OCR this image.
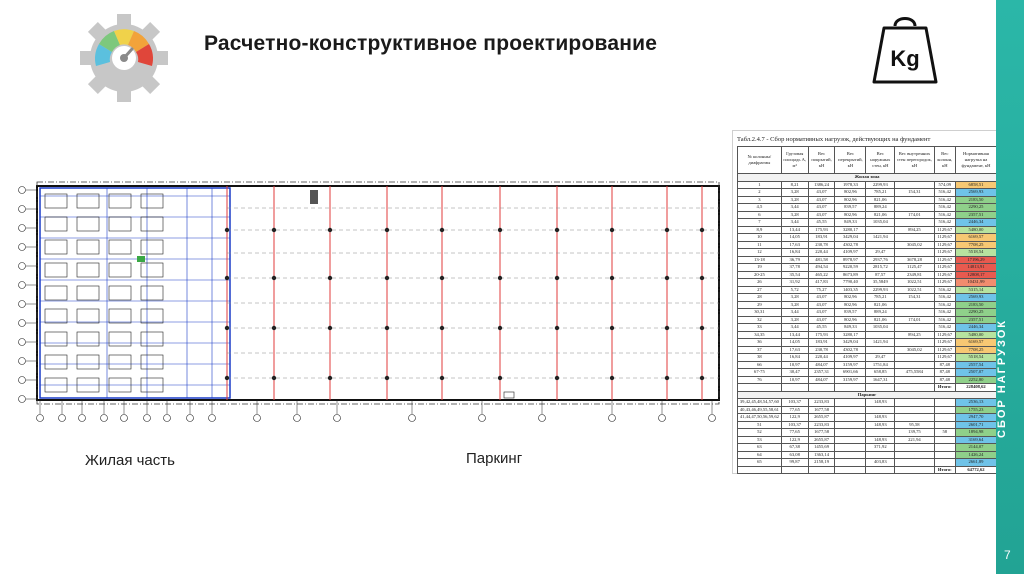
Расчетно-конструктивное проектирование
Kg
Жилая часть	Паркинг
Табл.2.4.7 - Сбор нормативных нагрузок, действующих на фундамент
№ колонны/ диафрагмы	Грузовая площадь А, м²	Вес покрытий, кН	Вес перекрытий, кН	Вес наружных стен, кН	Вес внутренних стен перегородок, кН	Вес колонн, кН	Нормативная нагрузка на фундамент, кН
Жилая зона							
1	8,21	1386,24	1978,33	2299,93		574,09	6858,51
2	3,28	43,07	802,96	785,21	154,31	516,42	2569,93
3	3,28	43,07	802,96	821,06		516,42	2183,50
4,5	3,44	43,07	839,57	889,24		516,42	2290,25
6	3,28	43,07	802,96	821,06	174,01	516,42	2357,51
7	3,44	45,55	849,33	1035,04		516,42	2446,34
8,9	13,44	175,93	3280,17		894,25	1129,67	5480,00
10	14,05	183,91	3429,04	1421,94		1129,67	6169,57
11	17,63	230,78	4302,78		3045,02	1129,67	7708,25
12	16,84	220,44	4109,97	29,47		1129,67	5518,54
13-18	36,79	481,58	8978,97	2937,76	3678,28	1129,67	17196,29
19	37,78	494,54	9220,59	2815,72	1125,47	1129,67	14813,91
20-25	35,54	465,22	8673,89	87,57	2349,81	1129,67	12808,17
26	31,92	417,83	7790,40	35,5849	1022,51	1129,67	10431,99
27	5,72	75,27	1403,35	2299,93	1022,51	516,42	5315,14
28	3,28	43,07	802,96	785,21	154,31	516,42	2569,93
29	3,28	43,07	802,96	821,06		516,42	2183,50
30,31	3,44	43,07	839,57	889,24		516,42	2290,25
32	3,28	43,07	802,96	821,06	174,01	516,42	2357,51
33	3,44	45,55	849,33	1035,04		516,42	2446,34
34,35	13,44	175,93	3280,17		894,25	1129,67	5480,00
36	14,05	183,91	3429,04	1421,94		1129,67	6169,57
37	17,63	230,78	4302,78		3045,02	1129,67	7708,25
38	16,84	220,44	4109,97	29,47		1129,67	5518,54
66	10,97	484,07	3159,97	1751,84		87,48	2557,54
67-75	30,47	2357,31	6901,66	658,85	475,5584	87,48	2507,07
76	10,97	484,07	3159,97	1647,31		87,48	2252,80
						Итого:	228408,62
Паркинг							
39,42,45,48,54,57,60	103,37	2233,83		148,93			2536,13
40,43,46,49,55,58,61	77,65	1677,58					1755,23
41,44,47,50,56,59,62	122,9	2655,87		148,93			2947,70
51	103,37	2233,83		148,93	95,58		2601,71
52	77,65	1677,58			139,75	58	1894,98
53	122,9	2655,87		148,93	221,94		3169,64
63	67,38	1455,69		371,92			2144,07
64	63,08	1363,14					1426,24
65	99,87	2158,19		403,83			2661,89
						Итого:	64772,62
СБОР НАГРУЗОК
7
